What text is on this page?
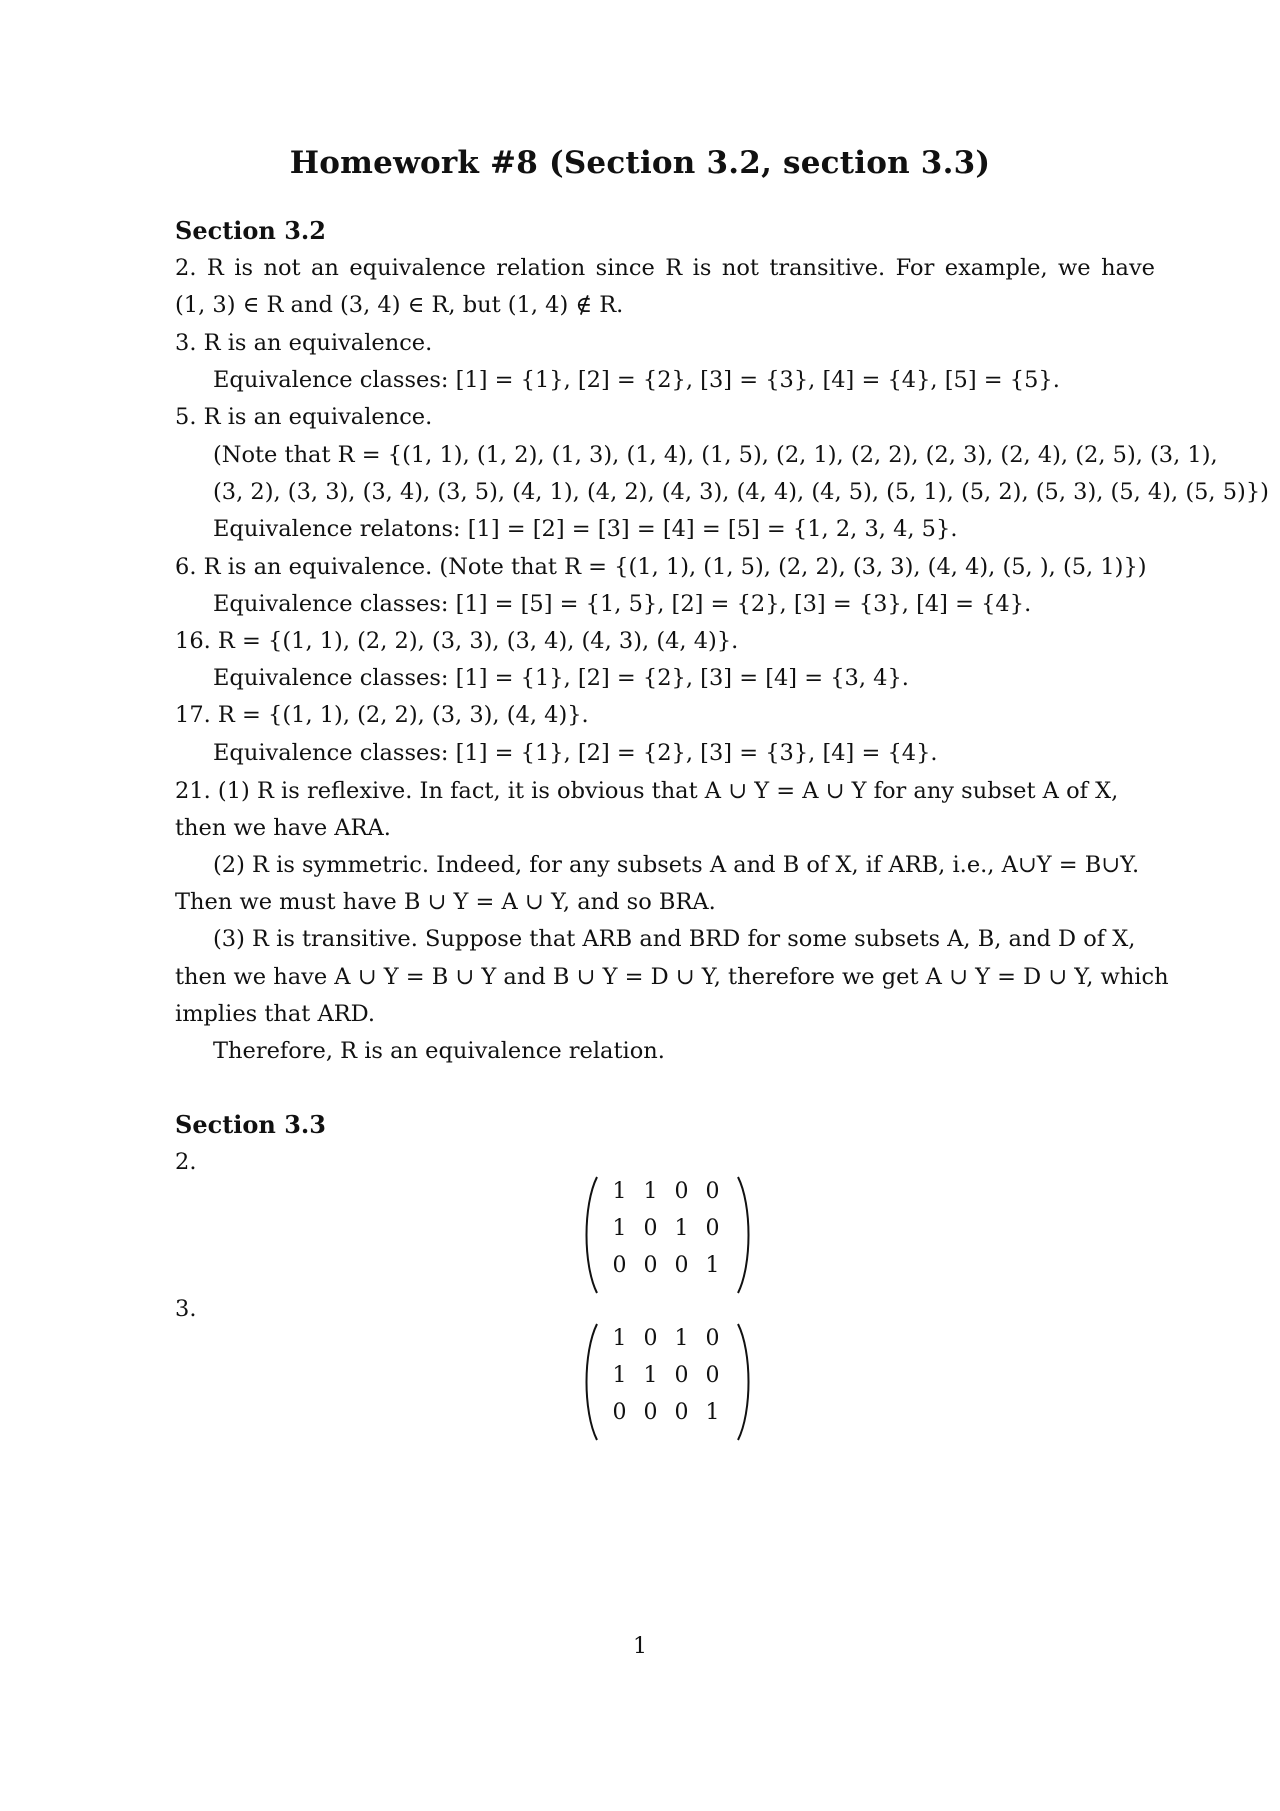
Homework #8 (Section 3.2, section 3.3)
Section 3.2
2. R is not an equivalence relation since R is not transitive. For example, we have
(1, 3) ∈ R and (3, 4) ∈ R, but (1, 4) ∉ R.
3. R is an equivalence.
Equivalence classes: [1] = {1}, [2] = {2}, [3] = {3}, [4] = {4}, [5] = {5}.
5. R is an equivalence.
(Note that R = {(1, 1), (1, 2), (1, 3), (1, 4), (1, 5), (2, 1), (2, 2), (2, 3), (2, 4), (2, 5), (3, 1),
(3, 2), (3, 3), (3, 4), (3, 5), (4, 1), (4, 2), (4, 3), (4, 4), (4, 5), (5, 1), (5, 2), (5, 3), (5, 4), (5, 5)})
Equivalence relatons: [1] = [2] = [3] = [4] = [5] = {1, 2, 3, 4, 5}.
6. R is an equivalence. (Note that R = {(1, 1), (1, 5), (2, 2), (3, 3), (4, 4), (5, ), (5, 1)})
Equivalence classes: [1] = [5] = {1, 5}, [2] = {2}, [3] = {3}, [4] = {4}.
16. R = {(1, 1), (2, 2), (3, 3), (3, 4), (4, 3), (4, 4)}.
Equivalence classes: [1] = {1}, [2] = {2}, [3] = [4] = {3, 4}.
17. R = {(1, 1), (2, 2), (3, 3), (4, 4)}.
Equivalence classes: [1] = {1}, [2] = {2}, [3] = {3}, [4] = {4}.
21. (1) R is reflexive. In fact, it is obvious that A ∪ Y = A ∪ Y for any subset A of X,
then we have ARA.
(2) R is symmetric. Indeed, for any subsets A and B of X, if ARB, i.e., A∪Y = B∪Y.
Then we must have B ∪ Y = A ∪ Y, and so BRA.
(3) R is transitive. Suppose that ARB and BRD for some subsets A, B, and D of X,
then we have A ∪ Y = B ∪ Y and B ∪ Y = D ∪ Y, therefore we get A ∪ Y = D ∪ Y, which
implies that ARD.
Therefore, R is an equivalence relation.
Section 3.3
2.
1 1 0 0
1 0 1 0
0 0 0 1
3.
1 0 1 0
1 1 0 0
0 0 0 1
1
